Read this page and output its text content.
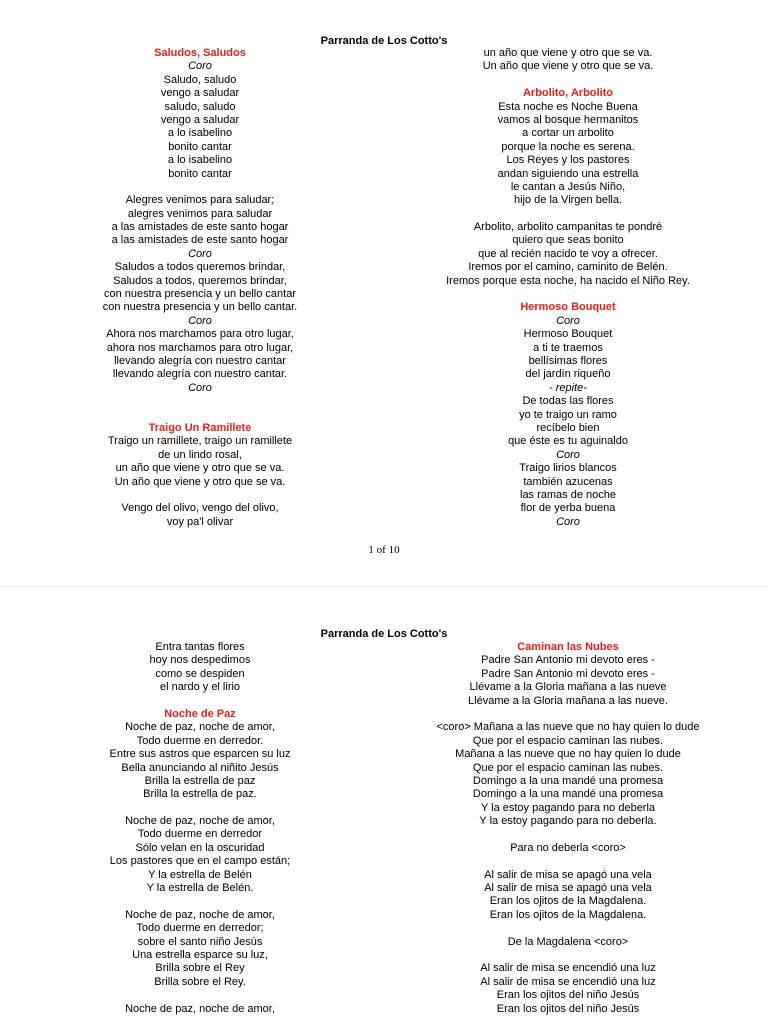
Parranda de Los Cotto's
Saludos, Saludos
Coro
Saludo, saludo
vengo a saludar
saludo, saludo
vengo a saludar
a lo isabelino
bonito cantar
a lo isabelino
bonito cantar
Alegres venimos para saludar;
alegres venimos para saludar
a las amistades de este santo hogar
a las amistades de este santo hogar
Coro
Saludos a todos queremos brindar,
Saludos a todos, queremos brindar,
con nuestra presencia y un bello cantar
con nuestra presencia y un bello cantar.
Coro
Ahora nos marchamos para otro lugar,
ahora nos marchamos para otro lugar,
llevando alegría con nuestro cantar
llevando alegría con nuestro cantar.
Coro
Traigo Un Ramillete
Traigo un ramillete, traigo un ramillete
de un lindo rosal,
un año que viene y otro que se va.
Un año que viene y otro que se va.
Vengo del olivo, vengo del olivo,
voy pa'l olivar
un año que viene y otro que se va.
Un año que viene y otro que se va.
Arbolito, Arbolito
Esta noche es Noche Buena
vamos al bosque hermanitos
a cortar un arbolito
porque la noche es serena.
Los Reyes y los pastores
andan siguiendo una estrella
le cantan a Jesús Niño,
hijo de la Virgen bella.
Arbolito, arbolito campanitas te pondré
quiero que seas bonito
que al recién nacido te voy a ofrecer.
Iremos por el camino, caminito de Belén.
Iremos porque esta noche, ha nacido el Niño Rey.
Hermoso Bouquet
Coro
Hermoso Bouquet
a ti te traemos
bellísimas flores
del jardín riqueño
- repite-
De todas las flores
yo te traigo un ramo
recíbelo bien
que éste es tu aguinaldo
Coro
Traigo lirios blancos
también azucenas
las ramas de noche
flor de yerba buena
Coro
1 of 10
Parranda de Los Cotto's
Entra tantas flores
hoy nos despedimos
como se despiden
el nardo y el lirio
Noche de Paz
Noche de paz, noche de amor,
Todo duerme en derredor.
Entre sus astros que esparcen su luz
Bella anunciando al niñito Jesús
Brilla la estrella de paz
Brilla la estrella de paz.
Noche de paz, noche de amor,
Todo duerme en derredor
Sólo velan en la oscuridad
Los pastores que en el campo están;
Y la estrella de Belén
Y la estrella de Belén.
Noche de paz, noche de amor,
Todo duerme en derredor;
sobre el santo niño Jesús
Una estrella esparce su luz,
Brilla sobre el Rey
Brilla sobre el Rey.
Noche de paz, noche de amor,
Caminan las Nubes
Padre San Antonio mi devoto eres -
Padre San Antonio mi devoto eres -
Llévame a la Gloria mañana a las nueve
Llévame a la Gloria mañana a las nueve.
<coro> Mañana a las nueve que no hay quien lo dude
Que por el espacio caminan las nubes.
Mañana a las nueve que no hay quien lo dude
Que por el espacio caminan las nubes.
Domingo a la una mandé una promesa
Domingo a la una mandé una promesa
Y la estoy pagando para no deberla
Y la estoy pagando para no deberla.
Para no deberla <coro>
Al salir de misa se apagó una vela
Al salir de misa se apagó una vela
Eran los ojitos de la Magdalena.
Eran los ojitos de la Magdalena.
De la Magdalena <coro>
Al salir de misa se encendió una luz
Al salir de misa se encendió una luz
Eran los ojitos del niño Jesús
Eran los ojitos del niño Jesús
